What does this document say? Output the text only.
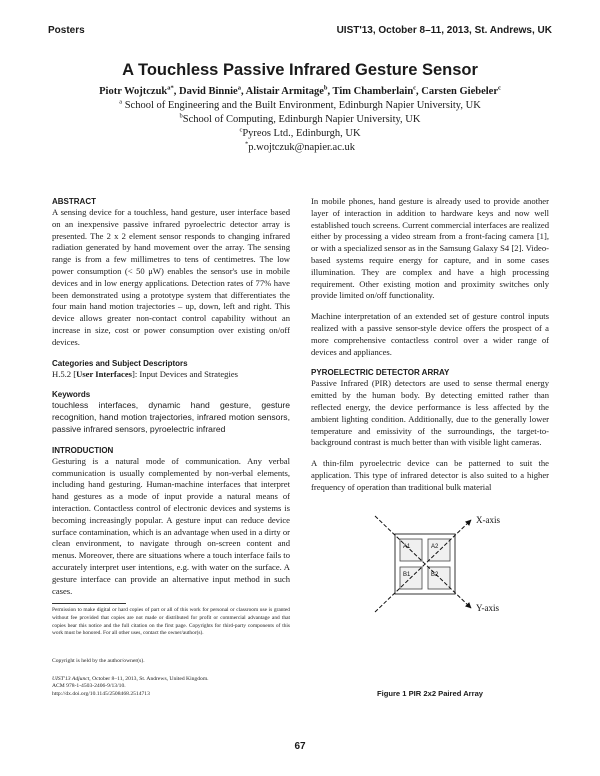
Posters	UIST'13, October 8–11, 2013, St. Andrews, UK
A Touchless Passive Infrared Gesture Sensor
Piotr Wojtczuk$^{a*}$, David Binnie$^a$, Alistair Armitage$^b$, Tim Chamberlain$^c$, Carsten Giebeler$^c$
$^a$ School of Engineering and the Built Environment, Edinburgh Napier University, UK
$^b$School of Computing, Edinburgh Napier University, UK
$^c$Pyreos Ltd., Edinburgh, UK
*p.wojtczuk@napier.ac.uk
ABSTRACT

A sensing device for a touchless, hand gesture, user interface based on an inexpensive passive infrared pyroelectric detector array is presented. The 2 x 2 element sensor responds to changing infrared radiation generated by hand movement over the array. The sensing range is from a few millimetres to tens of centimetres. The low power consumption (< 50 μW) enables the sensor's use in mobile devices and in low energy applications. Detection rates of 77% have been demonstrated using a prototype system that differentiates the four main hand motion trajectories – up, down, left and right. This device allows greater non-contact control capability without an increase in size, cost or power consumption over existing on/off devices.

Categories and Subject Descriptors

H.5.2 [User Interfaces]: Input Devices and Strategies

Keywords

touchless interfaces, dynamic hand gesture, gesture recognition, hand motion trajectories, infrared motion sensors, passive infrared sensors, pyroelectric infrared

INTRODUCTION

Gesturing is a natural mode of communication. Any verbal communication is usually complemented by non-verbal elements, including hand gesturing. Human-machine interfaces that interpret hand gestures as a mode of input provide a natural means of interaction. Contactless control of electronic devices and systems is becoming increasingly popular. A gesture input can reduce device surface contamination, which is an advantage when used in a dirty or clean environment, to navigate through on-screen content and menus. Moreover, there are situations where a touch interface fails to accurately interpret user intentions, e.g. with water on the surface. A gesture interface can provide an alternative input method in such cases.

Permission to make digital or hard copies of part or all of this work for personal or classroom use is granted without fee provided that copies are not made or distributed for profit or commercial advantage and that copies bear this notice and the full citation on the first page. Copyrights for third-party components of this work must be honored. For all other uses, contact the owner/author(s).
Copyright is held by the author/owner(s).

UIST'13 Adjunct, October 8–11, 2013, St. Andrews, United Kingdom.

ACM 978-1-4503-2406-9/13/10.

http://dx.doi.org/10.1145/2508468.2514713

In mobile phones, hand gesture is already used to provide another layer of interaction in addition to hardware keys and now well established touch screens. Current commercial interfaces are realized either by processing a video stream from a front-facing camera [1], or with a specialized sensor as in the Samsung Galaxy S4 [2]. Video-based systems require energy for capture, and in some cases illumination. They are complex and have a high processing requirement. Other existing motion and proximity switches only provide limited on/off functionality.

Machine interpretation of an extended set of gesture control inputs realized with a passive sensor-style device offers the prospect of a more comprehensive contactless control over a wider range of devices and appliances.

PYROELECTRIC DETECTOR ARRAY

Passive Infrared (PIR) detectors are used to sense thermal energy emitted by the human body. By detecting emitted rather than reflected energy, the device performance is less affected by the ambient lighting condition. Additionally, due to the generally lower temperature and emissivity of the surroundings, the target-to-background contrast is much better than with visible light cameras.

A thin-film pyroelectric device can be patterned to suit the application. This type of infrared detector is also suited to a higher frequency of operation than traditional bulk material

X-axis
Y-axis
A1	A2
B1	B2
Figure 1 PIR 2x2 Paired Array
67
